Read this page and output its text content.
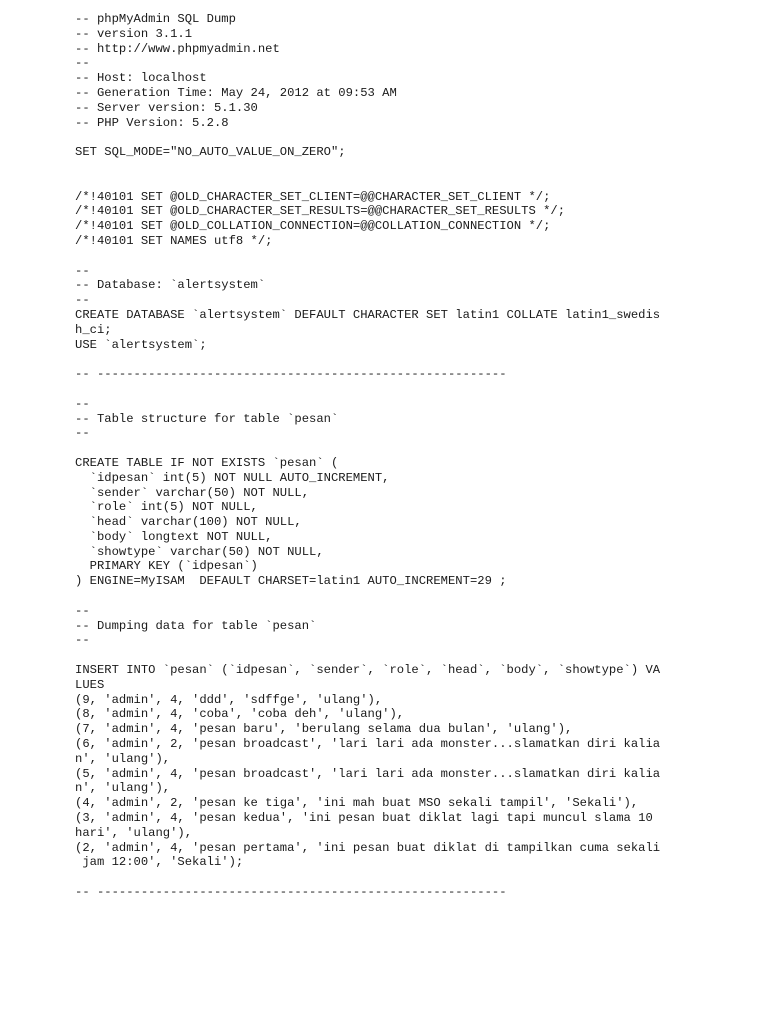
-- phpMyAdmin SQL Dump
-- version 3.1.1
-- http://www.phpmyadmin.net
--
-- Host: localhost
-- Generation Time: May 24, 2012 at 09:53 AM
-- Server version: 5.1.30
-- PHP Version: 5.2.8
SET SQL_MODE="NO_AUTO_VALUE_ON_ZERO";
/*!40101 SET @OLD_CHARACTER_SET_CLIENT=@@CHARACTER_SET_CLIENT */;
/*!40101 SET @OLD_CHARACTER_SET_RESULTS=@@CHARACTER_SET_RESULTS */;
/*!40101 SET @OLD_COLLATION_CONNECTION=@@COLLATION_CONNECTION */;
/*!40101 SET NAMES utf8 */;
--
-- Database: `alertsystem`
--
CREATE DATABASE `alertsystem` DEFAULT CHARACTER SET latin1 COLLATE latin1_swedis
h_ci;
USE `alertsystem`;
-- --------------------------------------------------------
--
-- Table structure for table `pesan`
--
CREATE TABLE IF NOT EXISTS `pesan` (
`idpesan` int(5) NOT NULL AUTO_INCREMENT,
`sender` varchar(50) NOT NULL,
`role` int(5) NOT NULL,
`head` varchar(100) NOT NULL,
`body` longtext NOT NULL,
`showtype` varchar(50) NOT NULL,
PRIMARY KEY (`idpesan`)
) ENGINE=MyISAM  DEFAULT CHARSET=latin1 AUTO_INCREMENT=29 ;
--
-- Dumping data for table `pesan`
--
INSERT INTO `pesan` (`idpesan`, `sender`, `role`, `head`, `body`, `showtype`) VA
LUES
(9, 'admin', 4, 'ddd', 'sdffge', 'ulang'),
(8, 'admin', 4, 'coba', 'coba deh', 'ulang'),
(7, 'admin', 4, 'pesan baru', 'berulang selama dua bulan', 'ulang'),
(6, 'admin', 2, 'pesan broadcast', 'lari lari ada monster...slamatkan diri kalia
n', 'ulang'),
(5, 'admin', 4, 'pesan broadcast', 'lari lari ada monster...slamatkan diri kalia
n', 'ulang'),
(4, 'admin', 2, 'pesan ke tiga', 'ini mah buat MSO sekali tampil', 'Sekali'),
(3, 'admin', 4, 'pesan kedua', 'ini pesan buat diklat lagi tapi muncul slama 10
hari', 'ulang'),
(2, 'admin', 4, 'pesan pertama', 'ini pesan buat diklat di tampilkan cuma sekali
jam 12:00', 'Sekali');
-- --------------------------------------------------------
